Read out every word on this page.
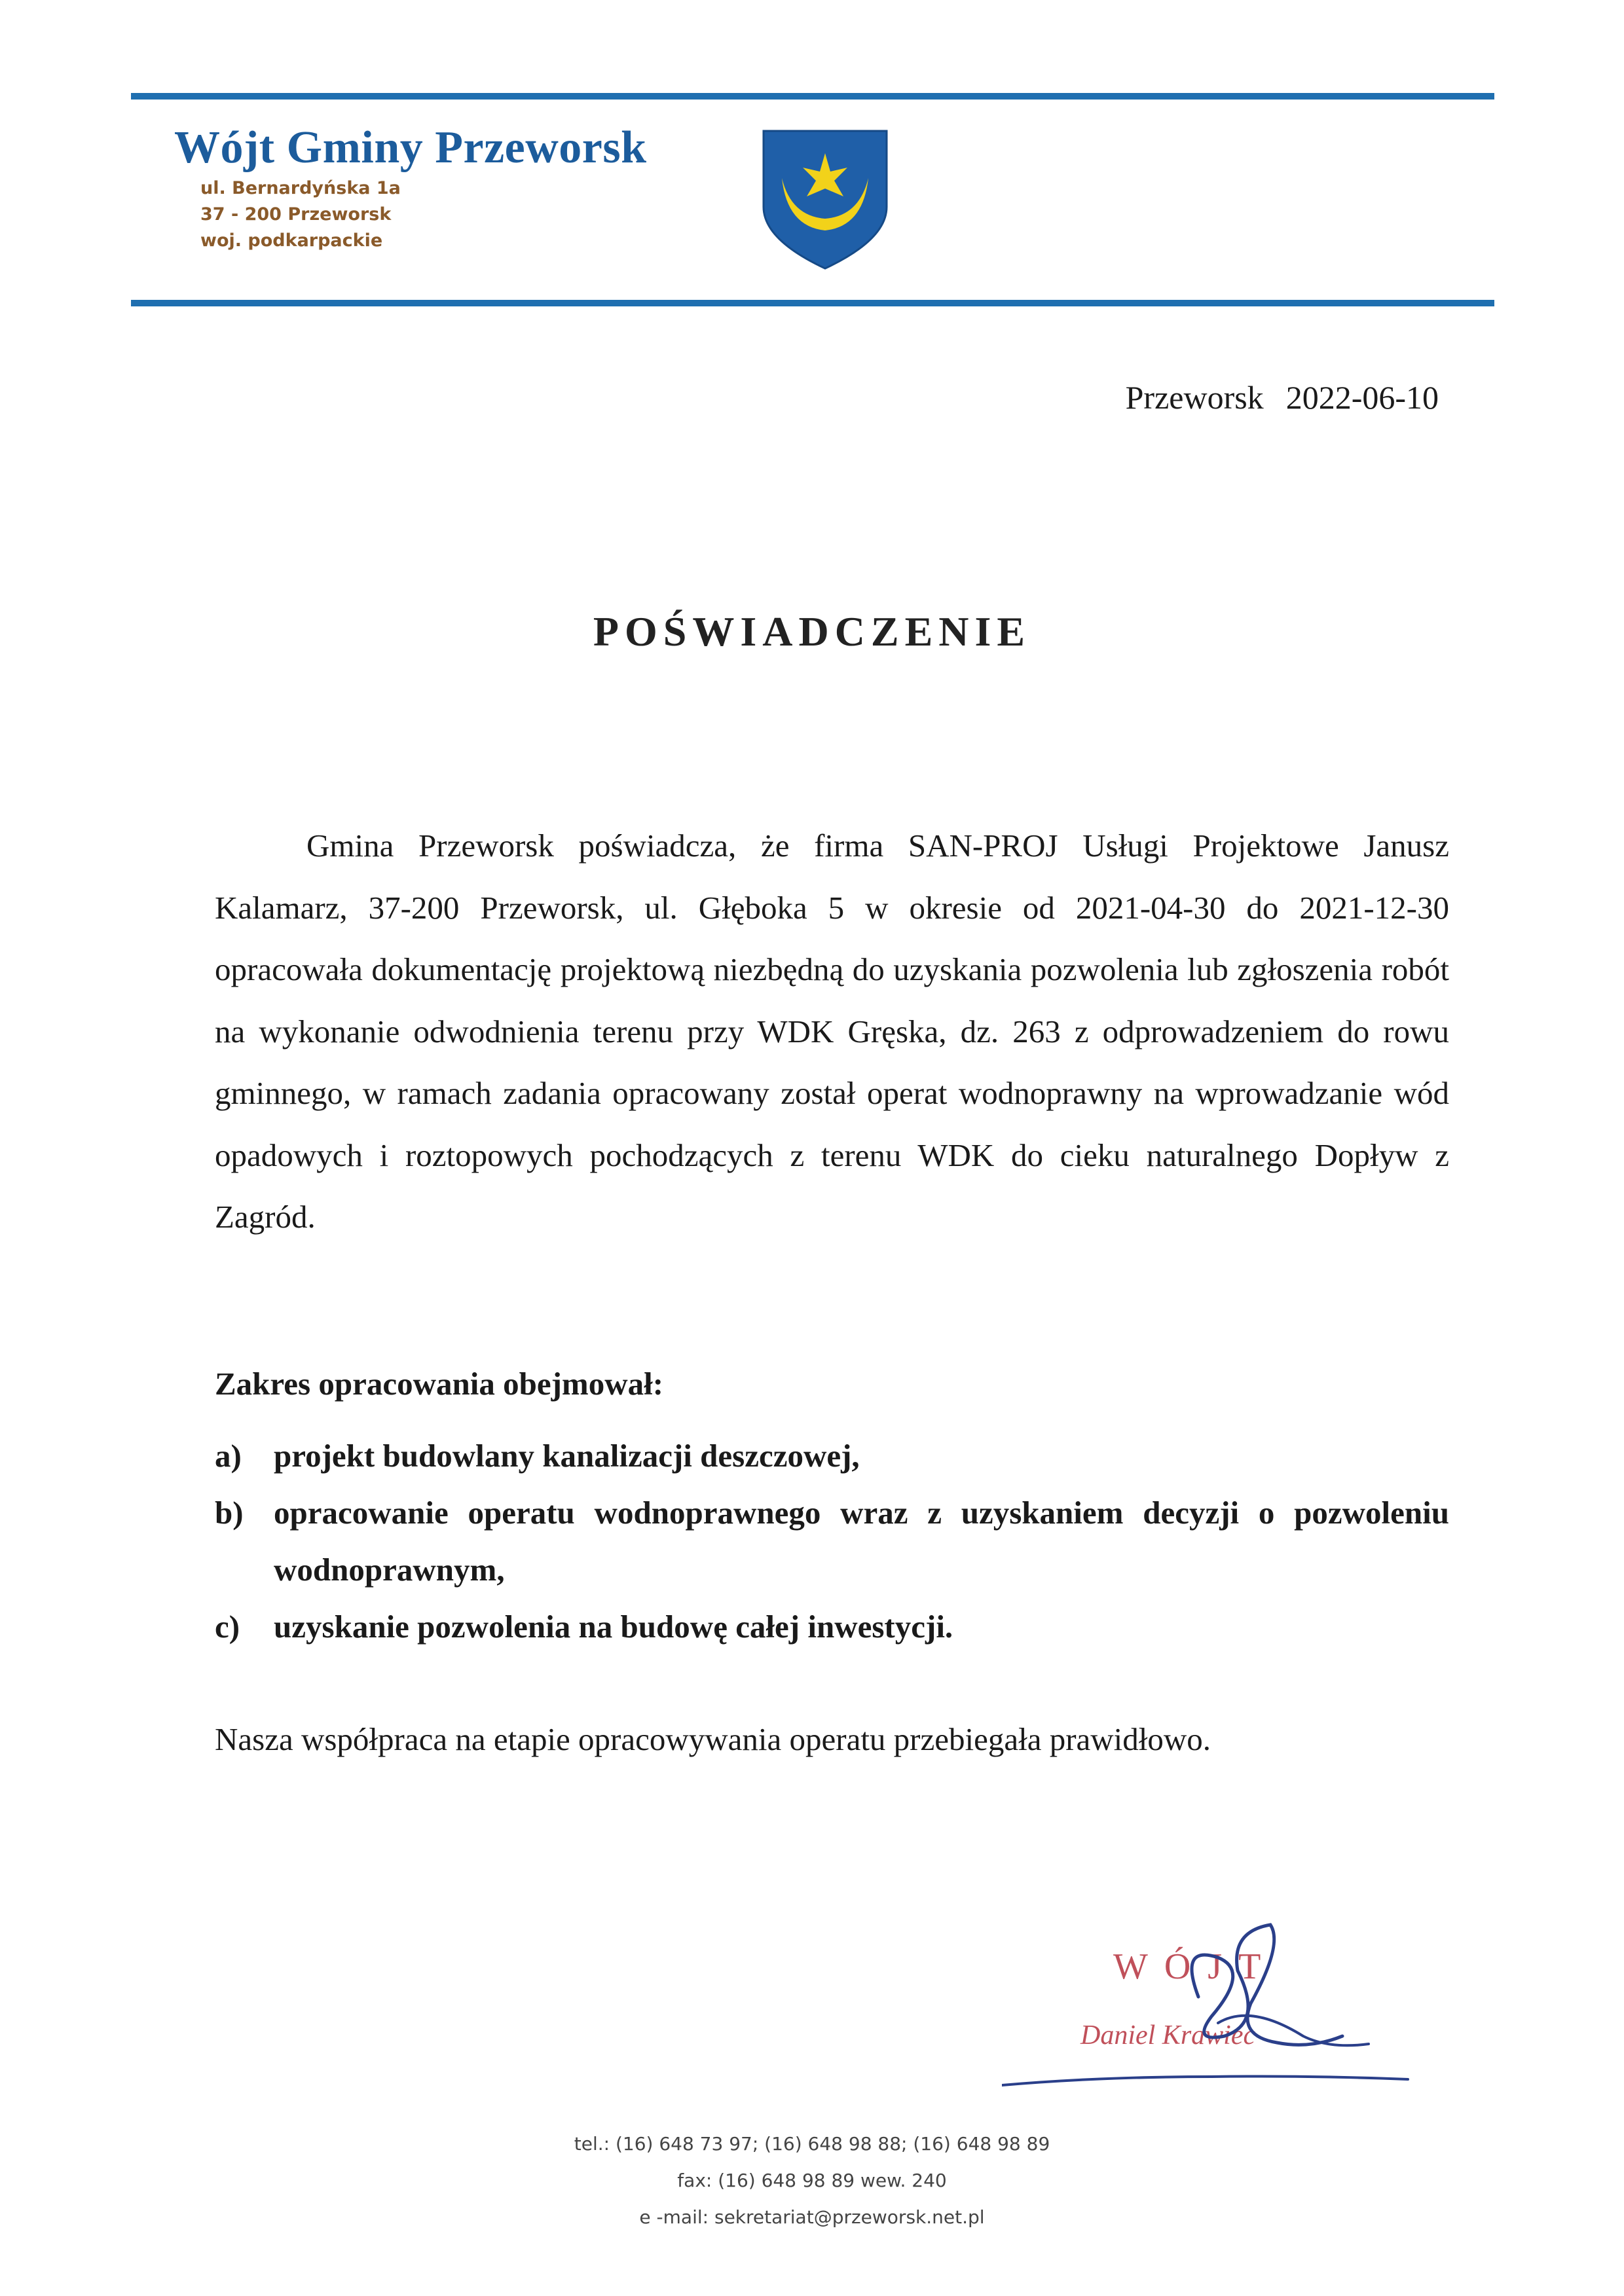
Wójt Gminy Przeworsk
ul. Bernardyńska 1a
37 - 200 Przeworsk
woj. podkarpackie
Przeworsk 2022-06-10
POŚWIADCZENIE

Gmina Przeworsk poświadcza, że firma SAN-PROJ Usługi Projektowe Janusz Kalamarz, 37-200 Przeworsk, ul. Głęboka 5 w okresie od 2021-04-30 do 2021-12-30 opracowała dokumentację projektową niezbędną do uzyskania pozwolenia lub zgłoszenia robót na wykonanie odwodnienia terenu przy WDK Gręska, dz. 263 z odprowadzeniem do rowu gminnego, w ramach zadania opracowany został operat wodnoprawny na wprowadzanie wód opadowych i roztopowych pochodzących z terenu WDK do cieku naturalnego Dopływ z Zagród.

Zakres opracowania obejmował:
a) projekt budowlany kanalizacji deszczowej,
b) opracowanie operatu wodnoprawnego wraz z uzyskaniem decyzji o pozwoleniu wodnoprawnym,
c) uzyskanie pozwolenia na budowę całej inwestycji.
Nasza współpraca na etapie opracowywania operatu przebiegała prawidłowo.
W Ó J T
Daniel Krawiec
tel.: (16) 648 73 97; (16) 648 98 88; (16) 648 98 89
fax: (16) 648 98 89 wew. 240
e -mail: sekretariat@przeworsk.net.pl
